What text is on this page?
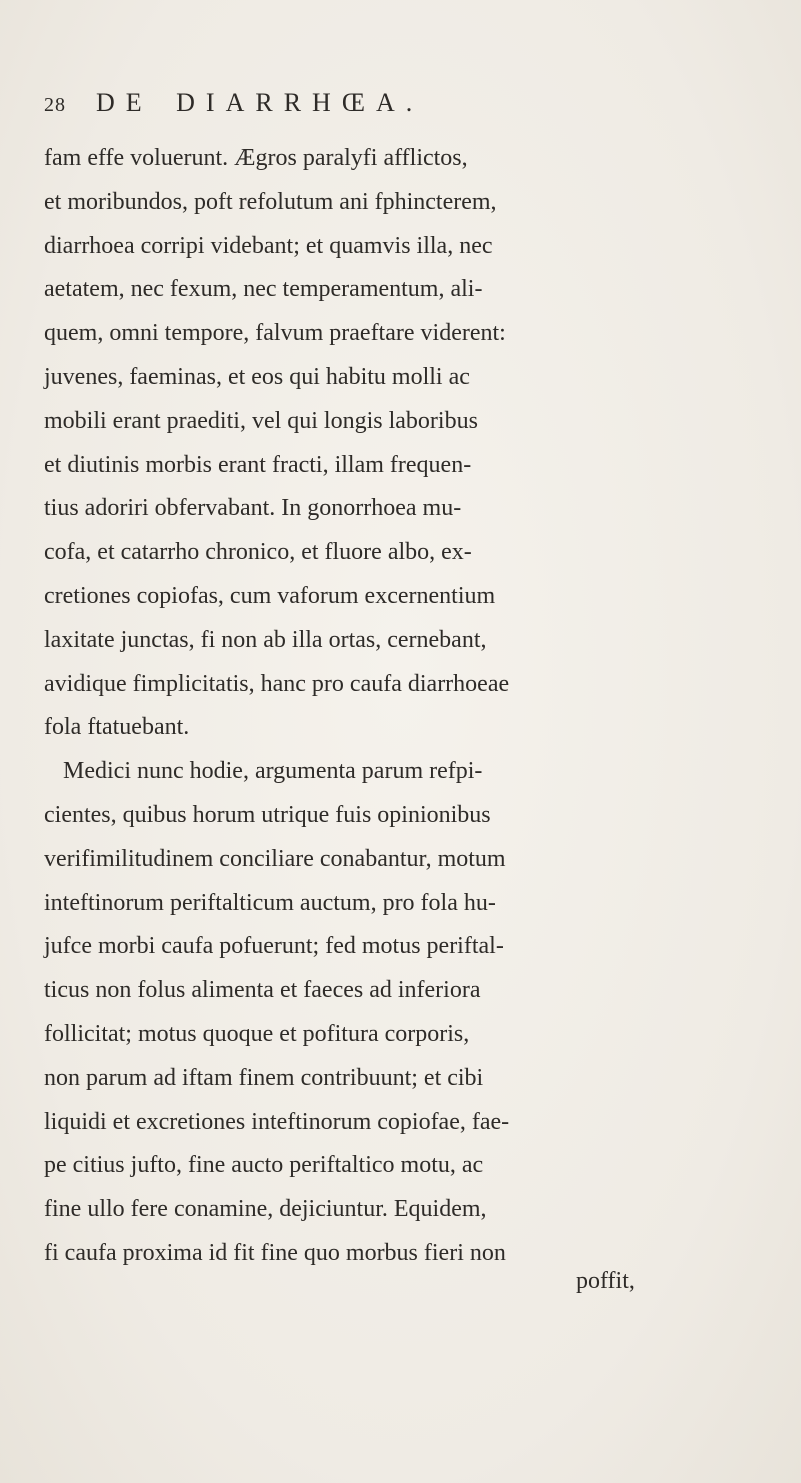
28 DE DIARRHŒA.
fam effe voluerunt. Ægros paralyfi afflictos,
et moribundos, poft refolutum ani fphincterem,
diarrhoea corripi videbant; et quamvis illa, nec
aetatem, nec fexum, nec temperamentum, ali-
quem, omni tempore, falvum praeftare viderent:
juvenes, faeminas, et eos qui habitu molli ac
mobili erant praediti, vel qui longis laboribus
et diutinis morbis erant fracti, illam frequen-
tius adoriri obfervabant. In gonorrhoea mu-
cofa, et catarrho chronico, et fluore albo, ex-
cretiones copiofas, cum vaforum excernentium
laxitate junctas, fi non ab illa ortas, cernebant,
avidique fimplicitatis, hanc pro caufa diarrhoeae
fola ftatuebant.
Medici nunc hodie, argumenta parum refpi-
cientes, quibus horum utrique fuis opinionibus
verifimilitudinem conciliare conabantur, motum
inteftinorum periftalticum auctum, pro fola hu-
jufce morbi caufa pofuerunt; fed motus periftal-
ticus non folus alimenta et faeces ad inferiora
follicitat; motus quoque et pofitura corporis,
non parum ad iftam finem contribuunt; et cibi
liquidi et excretiones inteftinorum copiofae, fae-
pe citius jufto, fine aucto periftaltico motu, ac
fine ullo fere conamine, dejiciuntur. Equidem,
fi caufa proxima id fit fine quo morbus fieri non
poffit,
